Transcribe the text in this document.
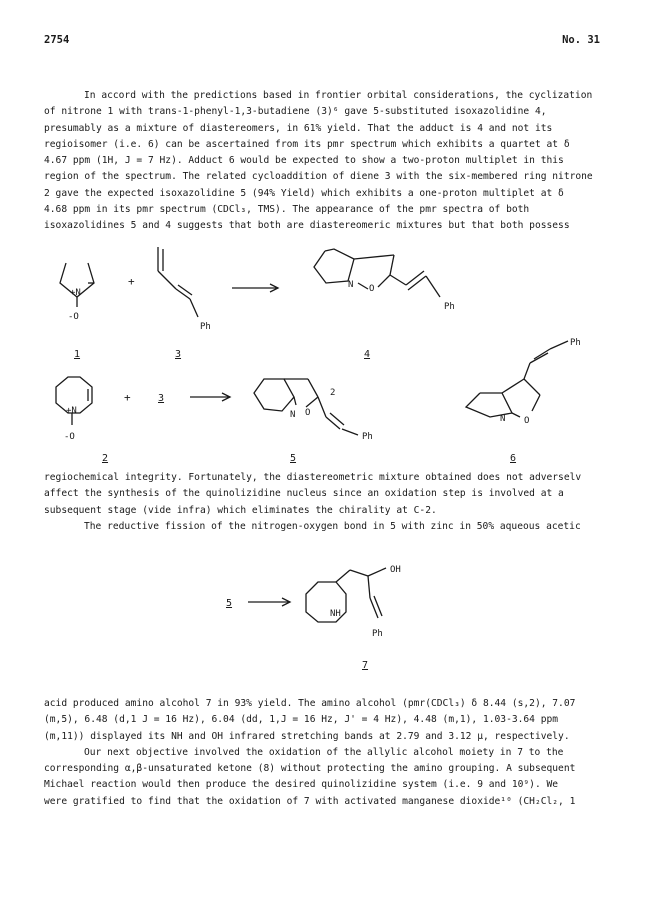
2754	No. 31
In accord with the predictions based in frontier orbital considerations, the cyclization
of nitrone 1 with trans-1-phenyl-1,3-butadiene (3)⁶ gave 5-substituted isoxazolidine 4,
presumably as a mixture of diastereomers, in 61% yield. That the adduct is 4 and not its
regioisomer (i.e. 6) can be ascertained from its pmr spectrum which exhibits a quartet at δ
4.67 ppm (1H, J = 7 Hz). Adduct 6 would be expected to show a two-proton multiplet in this
region of the spectrum. The related cycloaddition of diene 3 with the six-membered ring nitrone
2 gave the expected isoxazolidine 5 (94% Yield) which exhibits a one-proton multiplet at δ
4.68 ppm in its pmr spectrum (CDCl₃, TMS). The appearance of the pmr spectra of both
isoxazolidines 5 and 4 suggests that both are diastereomeric mixtures but that both possess
+N
-O
+
Ph
N O
Ph
1	3	4
+N
-O
+	3
N O
2
Ph
N O
Ph
2	5	6
regiochemical integrity. Fortunately, the diastereometric mixture obtained does not adverselv
affect the synthesis of the quinolizidine nucleus since an oxidation step is involved at a
subsequent stage (vide infra) which eliminates the chirality at C-2.
The reductive fission of the nitrogen-oxygen bond in 5 with zinc in 50% aqueous acetic
5
OH
NH
Ph
7
acid produced amino alcohol 7 in 93% yield. The amino alcohol (pmr(CDCl₃) δ 8.44 (s,2), 7.07
(m,5), 6.48 (d,1 J = 16 Hz), 6.04 (dd, 1,J = 16 Hz, J' = 4 Hz), 4.48 (m,1), 1.03-3.64 ppm
(m,11)) displayed its NH and OH infrared stretching bands at 2.79 and 3.12 μ, respectively.
Our next objective involved the oxidation of the allylic alcohol moiety in 7 to the
corresponding α,β-unsaturated ketone (8) without protecting the amino grouping. A subsequent
Michael reaction would then produce the desired quinolizidine system (i.e. 9 and 10⁹). We
were gratified to find that the oxidation of 7 with activated manganese dioxide¹⁰ (CH₂Cl₂, 1
